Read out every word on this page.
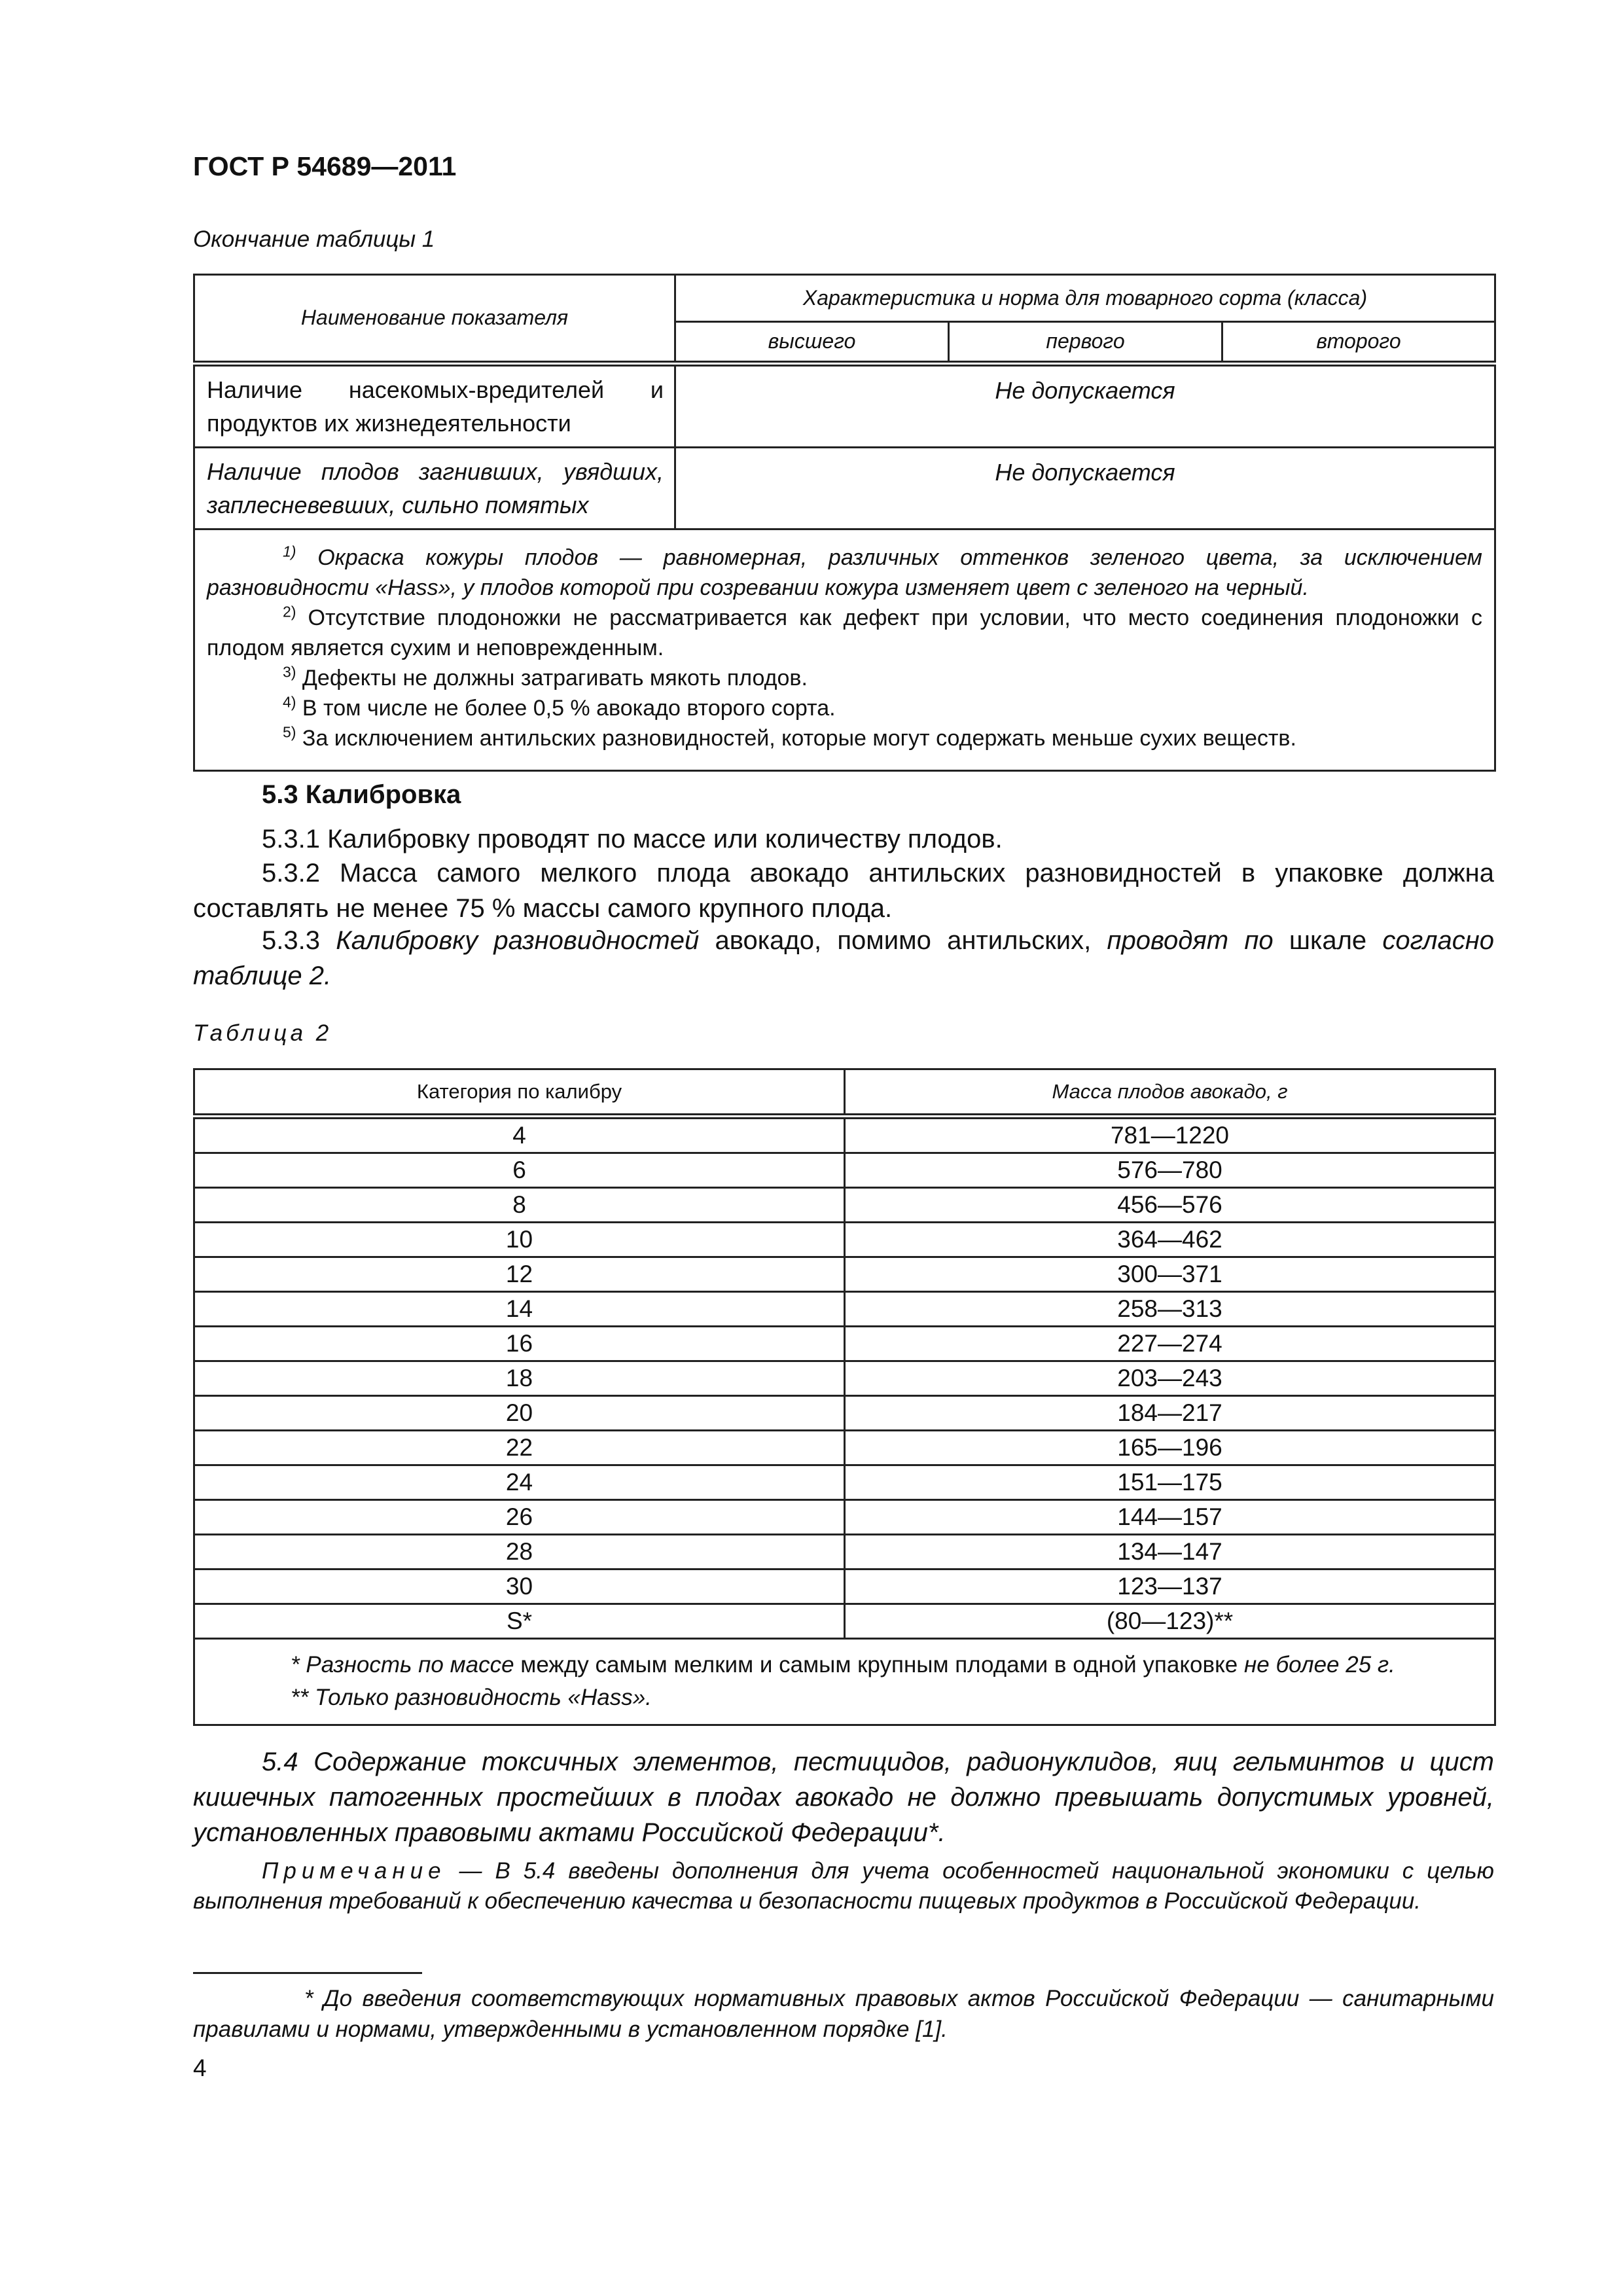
ГОСТ Р 54689—2011
Окончание таблицы 1
Наименование показателя	Характеристика и норма для товарного сорта (класса)		
	высшего	первого	второго
Наличие насекомых-вредителей и продуктов их жизнедеятельности	Не допускается		
Наличие плодов загнивших, увядших, заплесневевших, сильно помятых	Не допускается		

$^{1)}$ Окраска кожуры плодов — равномерная, различных оттенков зеленого цвета, за исключением разновидности «Hass», у плодов которой при созревании кожура изменяет цвет с зеленого на черный.
$^{2)}$ Отсутствие плодоножки не рассматривается как дефект при условии, что место соединения плодоножки с плодом является сухим и неповрежденным.
$^{3)}$ Дефекты не должны затрагивать мякоть плодов.
$^{4)}$ В том числе не более 0,5 % авокадо второго сорта.
$^{5)}$ За исключением антильских разновидностей, которые могут содержать меньше сухих веществ.			
5.3 Калибровка
5.3.1 Калибровку проводят по массе или количеству плодов.
5.3.2 Масса самого мелкого плода авокадо антильских разновидностей в упаковке должна составлять не менее 75 % массы самого крупного плода.
5.3.3 Калибровку разновидностей авокадо, помимо антильских, проводят по шкале согласно таблице 2.
Таблица 2
Категория по калибру	Масса плодов авокадо, г
4	781—1220
6	576—780
8	456—576
10	364—462
12	300—371
14	258—313
16	227—274
18	203—243
20	184—217
22	165—196
24	151—175
26	144—157
28	134—147
30	123—137
S*	(80—123)**

* Разность по массе между самым мелким и самым крупным плодами в одной упаковке не более 25 г.
** Только разновидность «Hass».	
5.4 Содержание токсичных элементов, пестицидов, радионуклидов, яиц гельминтов и цист кишечных патогенных простейших в плодах авокадо не должно превышать допустимых уровней, установленных правовыми актами Российской Федерации*.
Примечание — В 5.4 введены дополнения для учета особенностей национальной экономики с целью выполнения требований к обеспечению качества и безопасности пищевых продуктов в Российской Федерации.
* До введения соответствующих нормативных правовых актов Российской Федерации — санитарными правилами и нормами, утвержденными в установленном порядке [1].
4
